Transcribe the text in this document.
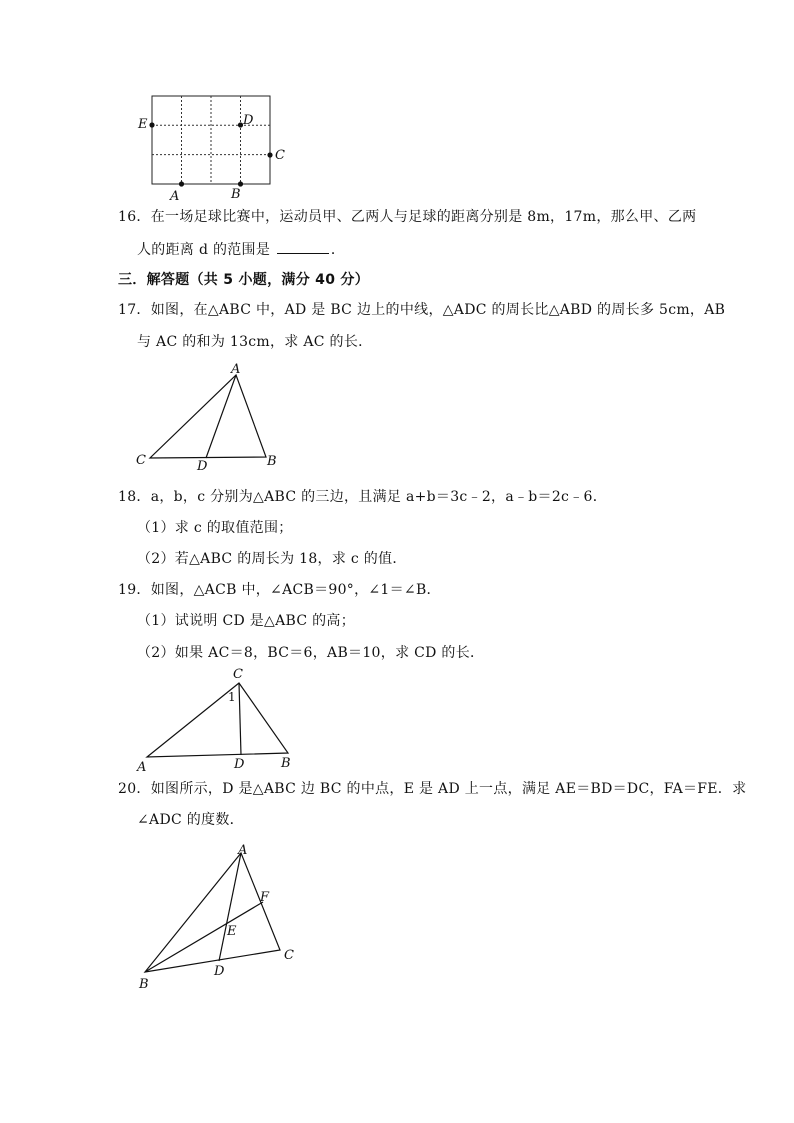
E	D
C
A	B
16．在一场足球比赛中，运动员甲、乙两人与足球的距离分别是 8m，17m，那么甲、乙两
人的距离 d 的范围是	．
三．解答题（共 5 小题，满分 40 分）
17．如图，在△ABC 中，AD 是 BC 边上的中线，△ADC 的周长比△ABD 的周长多 5cm，AB
与 AC 的和为 13cm，求 AC 的长．
A
C	D	B
18．a，b，c 分别为△ABC 的三边，且满足 a+b＝3c﹣2，a﹣b＝2c﹣6．
（1）求 c 的取值范围；
（2）若△ABC 的周长为 18，求 c 的值．
19．如图，△ACB 中，∠ACB＝90°，∠1＝∠B．
（1）试说明 CD 是△ABC 的高；
（2）如果 AC＝8，BC＝6，AB＝10，求 CD 的长．
C
1
A	D	B
20．如图所示，D 是△ABC 边 BC 的中点，E 是 AD 上一点，满足 AE＝BD＝DC，FA＝FE．求
∠ADC 的度数．
A
F
E
C
D
B
